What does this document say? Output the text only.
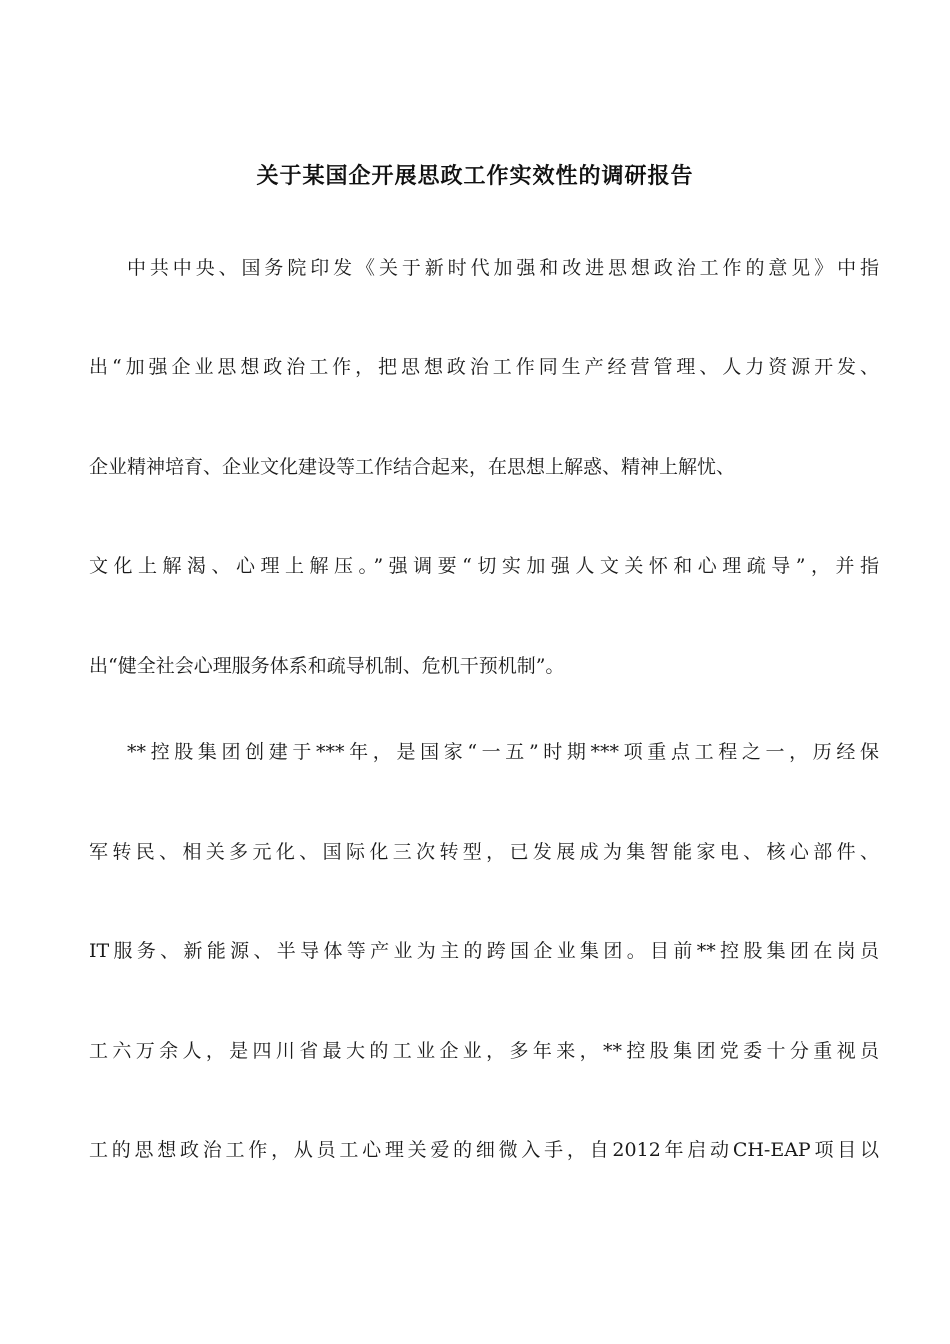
关于某国企开展思政工作实效性的调研报告
中共中央、国务院印发《关于新时代加强和改进思想政治工作的意见》中指
出“加强企业思想政治工作，把思想政治工作同生产经营管理、人力资源开发、
企业精神培育、企业文化建设等工作结合起来，在思想上解惑、精神上解忧、
文化上解渴、心理上解压。”强调要“切实加强人文关怀和心理疏导”，并指
出“健全社会心理服务体系和疏导机制、危机干预机制”。
**控股集团创建于***年，是国家“一五”时期***项重点工程之一，历经保
军转民、相关多元化、国际化三次转型，已发展成为集智能家电、核心部件、
IT服务、新能源、半导体等产业为主的跨国企业集团。目前**控股集团在岗员
工六万余人，是四川省最大的工业企业，多年来，**控股集团党委十分重视员
工的思想政治工作，从员工心理关爱的细微入手，自2012年启动CH-EAP项目以
